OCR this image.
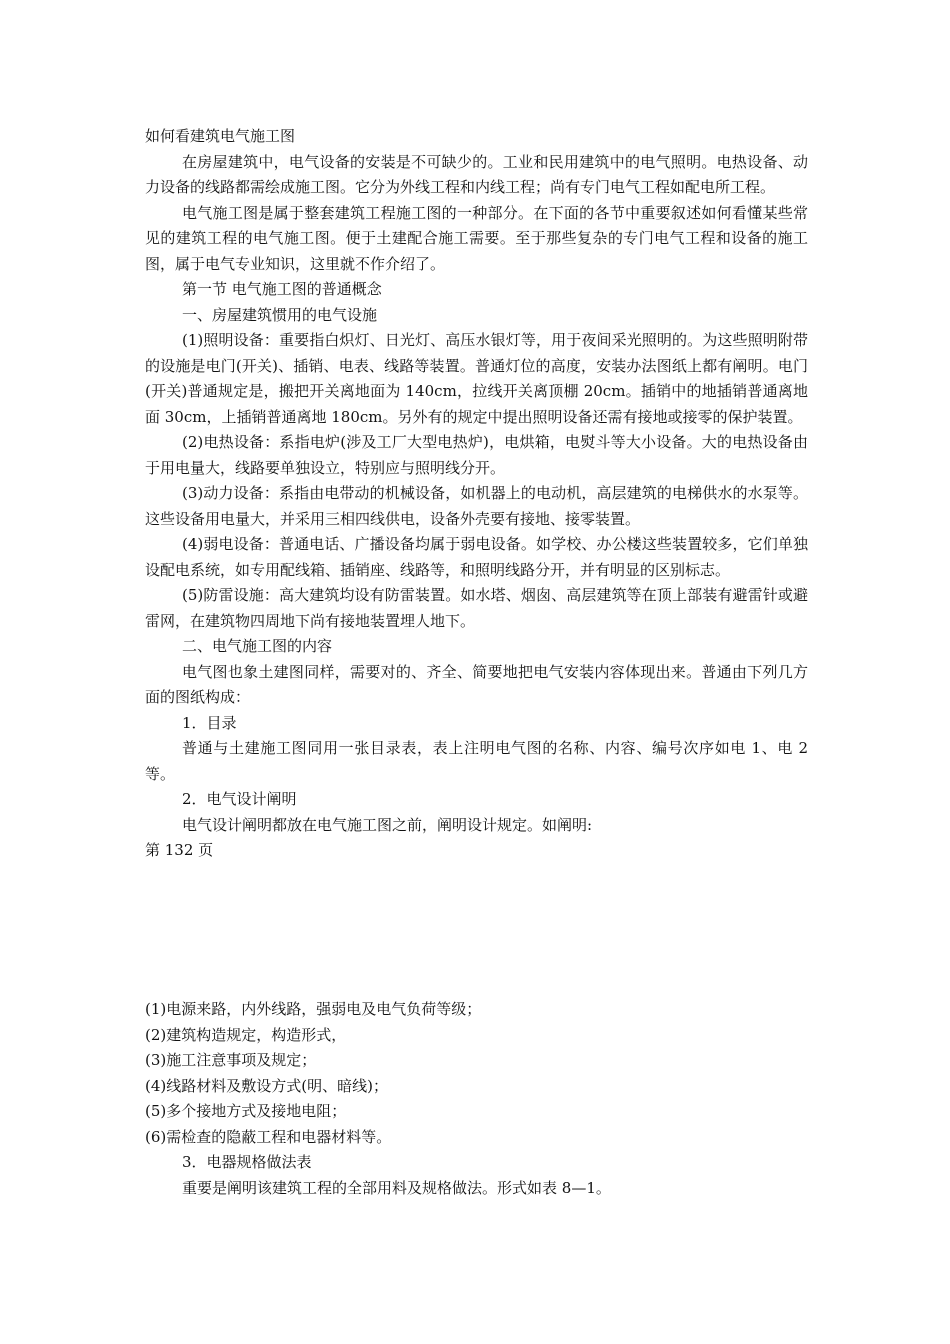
如何看建筑电气施工图

在房屋建筑中，电气设备的安装是不可缺少的。工业和民用建筑中的电气照明。电热设备、动力设备的线路都需绘成施工图。它分为外线工程和内线工程；尚有专门电气工程如配电所工程。

电气施工图是属于整套建筑工程施工图的一种部分。在下面的各节中重要叙述如何看懂某些常见的建筑工程的电气施工图。便于土建配合施工需要。至于那些复杂的专门电气工程和设备的施工图，属于电气专业知识，这里就不作介绍了。

第一节 电气施工图的普通概念

一、房屋建筑惯用的电气设施

(1)照明设备：重要指白炽灯、日光灯、高压水银灯等，用于夜间采光照明的。为这些照明附带的设施是电门(开关)、插销、电表、线路等装置。普通灯位的高度，安装办法图纸上都有阐明。电门(开关)普通规定是，搬把开关离地面为 140cm，拉线开关离顶棚 20cm。插销中的地插销普通离地面 30cm，上插销普通离地 180cm。另外有的规定中提出照明设备还需有接地或接零的保护装置。

(2)电热设备：系指电炉(涉及工厂大型电热炉)，电烘箱，电熨斗等大小设备。大的电热设备由于用电量大，线路要单独设立，特别应与照明线分开。

(3)动力设备：系指由电带动的机械设备，如机器上的电动机，高层建筑的电梯供水的水泵等。这些设备用电量大，并采用三相四线供电，设备外壳要有接地、接零装置。

(4)弱电设备：普通电话、广播设备均属于弱电设备。如学校、办公楼这些装置较多，它们单独设配电系统，如专用配线箱、插销座、线路等，和照明线路分开，并有明显的区别标志。

(5)防雷设施：高大建筑均设有防雷装置。如水塔、烟囱、高层建筑等在顶上部装有避雷针或避雷网，在建筑物四周地下尚有接地装置埋人地下。

二、电气施工图的内容

电气图也象土建图同样，需要对的、齐全、简要地把电气安装内容体现出来。普通由下列几方面的图纸构成：

1．目录

普通与土建施工图同用一张目录表，表上注明电气图的名称、内容、编号次序如电 1、电 2 等。

2．电气设计阐明

电气设计阐明都放在电气施工图之前，阐明设计规定。如阐明:

第 132 页

(1)电源来路，内外线路，强弱电及电气负荷等级；

(2)建筑构造规定，构造形式，

(3)施工注意事项及规定；

(4)线路材料及敷设方式(明、暗线)；

(5)多个接地方式及接地电阻；

(6)需检查的隐蔽工程和电器材料等。

3．电器规格做法表

重要是阐明该建筑工程的全部用料及规格做法。形式如表 8—1。
